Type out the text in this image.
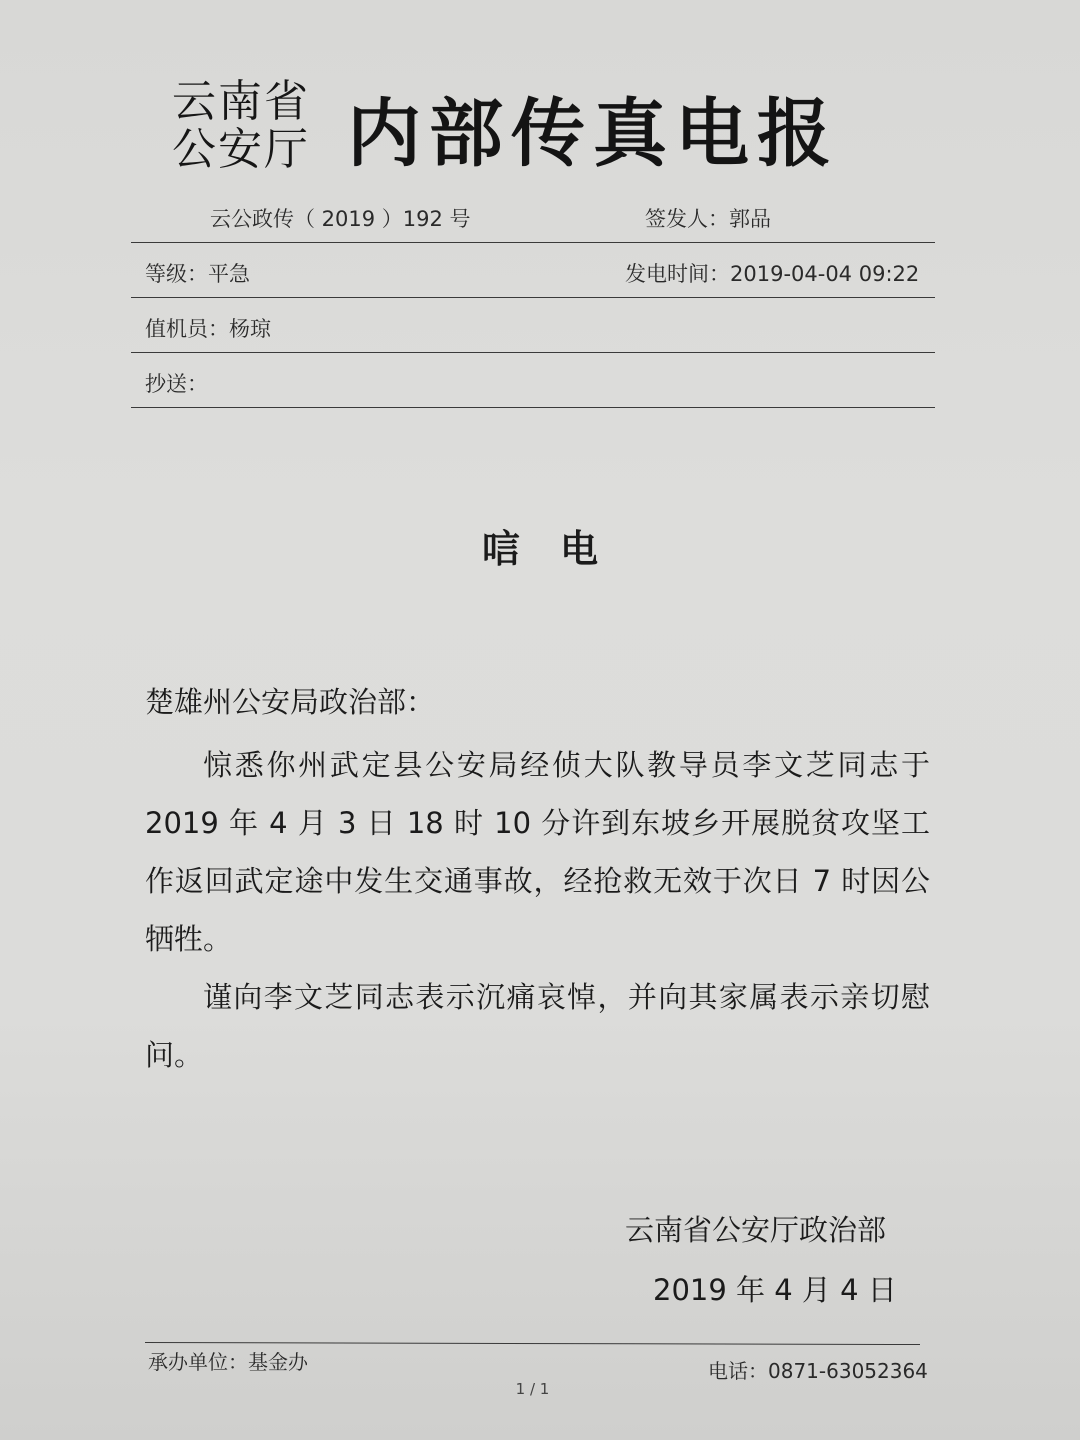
云南省
公安厅 内部传真电报
云公政传（ 2019 ）192 号	签发人：郭品
等级：平急	发电时间：2019-04-04 09:22
值机员：杨琼
抄送：
唁电
楚雄州公安局政治部：
惊悉你州武定县公安局经侦大队教导员李文芝同志于 2019 年 4 月 3 日 18 时 10 分许到东坡乡开展脱贫攻坚工作返回武定途中发生交通事故，经抢救无效于次日 7 时因公牺牲。
谨向李文芝同志表示沉痛哀悼，并向其家属表示亲切慰问。
云南省公安厅政治部
2019 年 4 月 4 日
承办单位：基金办	电话：0871-63052364
1 / 1
